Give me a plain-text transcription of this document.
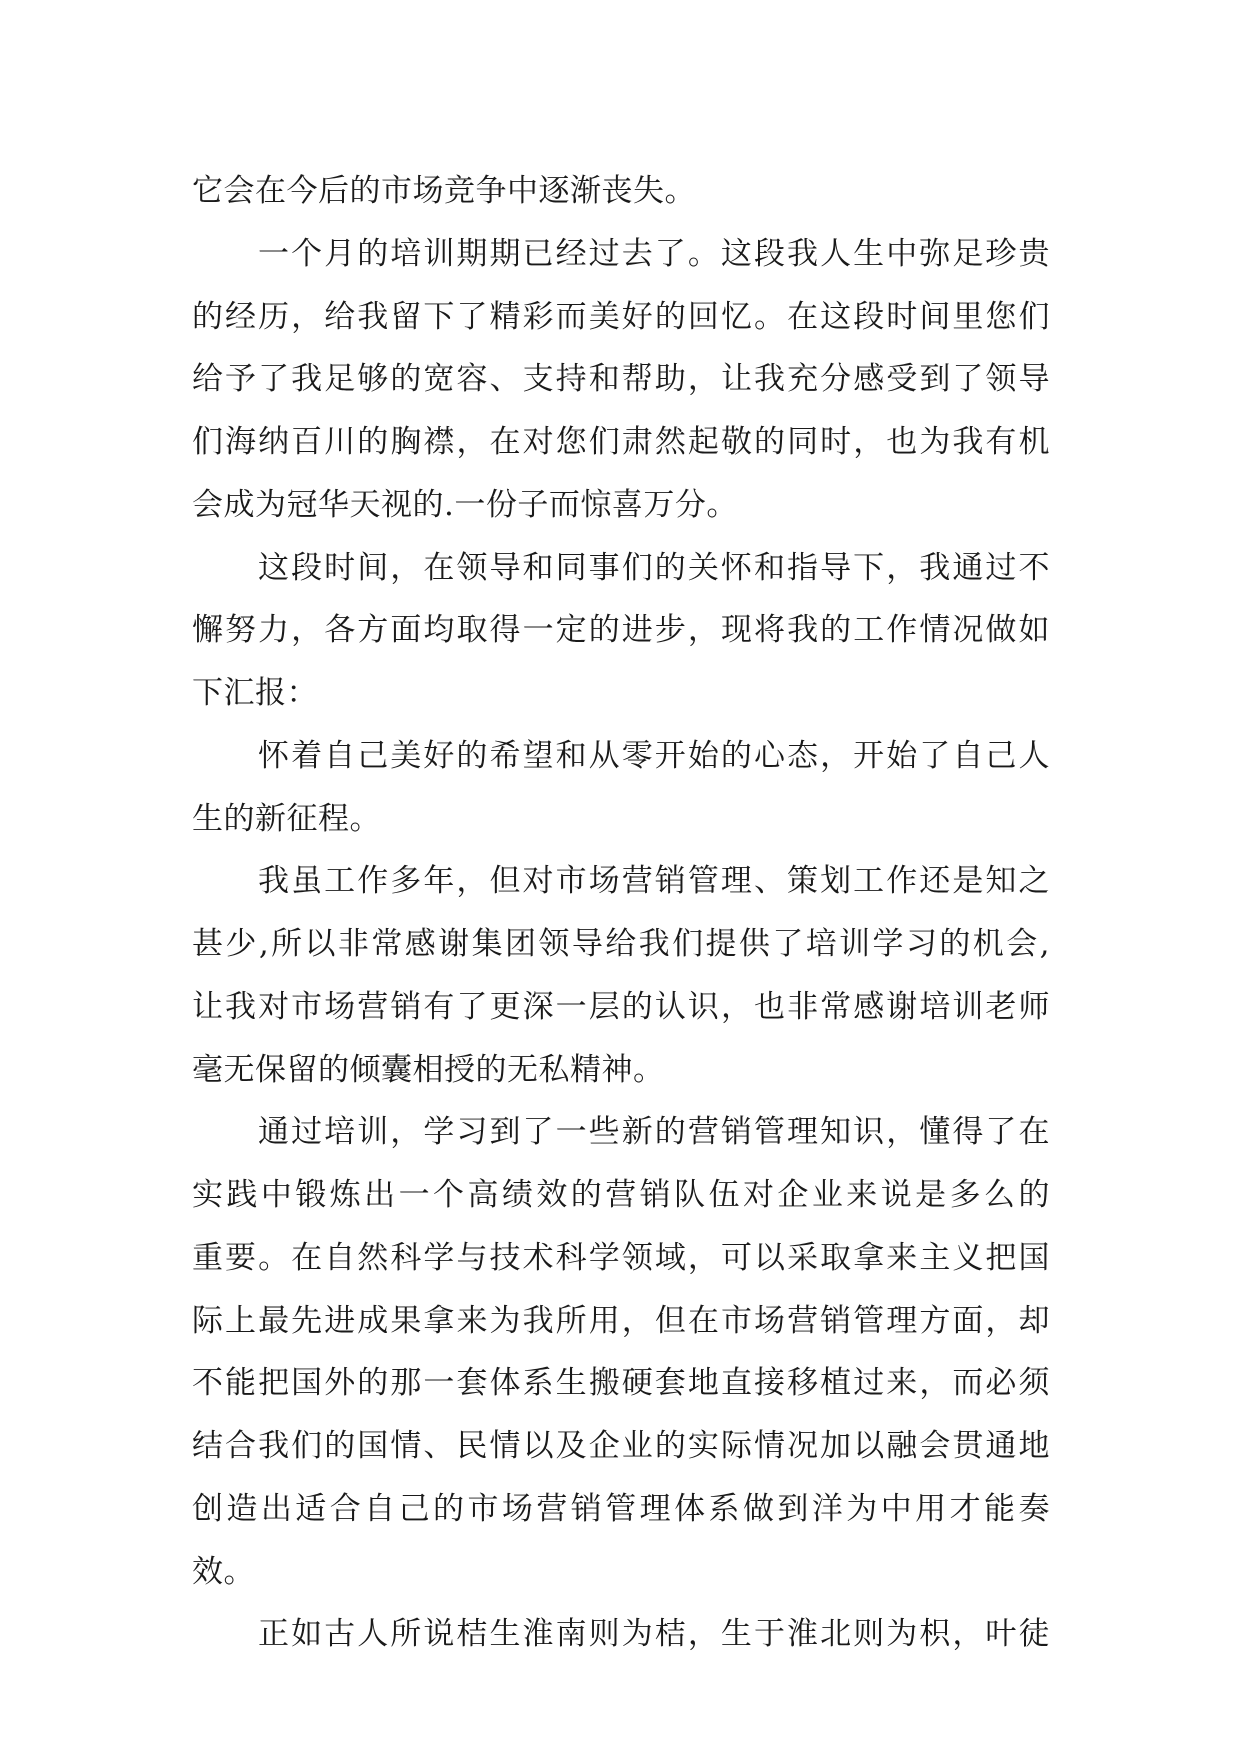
它会在今后的市场竞争中逐渐丧失。
一个月的培训期期已经过去了。这段我人生中弥足珍贵
的经历，给我留下了精彩而美好的回忆。在这段时间里您们
给予了我足够的宽容、支持和帮助，让我充分感受到了领导
们海纳百川的胸襟，在对您们肃然起敬的同时，也为我有机
会成为冠华天视的.一份子而惊喜万分。
这段时间，在领导和同事们的关怀和指导下，我通过不
懈努力，各方面均取得一定的进步，现将我的工作情况做如
下汇报：
怀着自己美好的希望和从零开始的心态，开始了自己人
生的新征程。
我虽工作多年，但对市场营销管理、策划工作还是知之
甚少,所以非常感谢集团领导给我们提供了培训学习的机会,
让我对市场营销有了更深一层的认识，也非常感谢培训老师
毫无保留的倾囊相授的无私精神。
通过培训，学习到了一些新的营销管理知识，懂得了在
实践中锻炼出一个高绩效的营销队伍对企业来说是多么的
重要。在自然科学与技术科学领域，可以采取拿来主义把国
际上最先进成果拿来为我所用，但在市场营销管理方面，却
不能把国外的那一套体系生搬硬套地直接移植过来，而必须
结合我们的国情、民情以及企业的实际情况加以融会贯通地
创造出适合自己的市场营销管理体系做到洋为中用才能奏
效。
正如古人所说桔生淮南则为桔，生于淮北则为枳，叶徒
